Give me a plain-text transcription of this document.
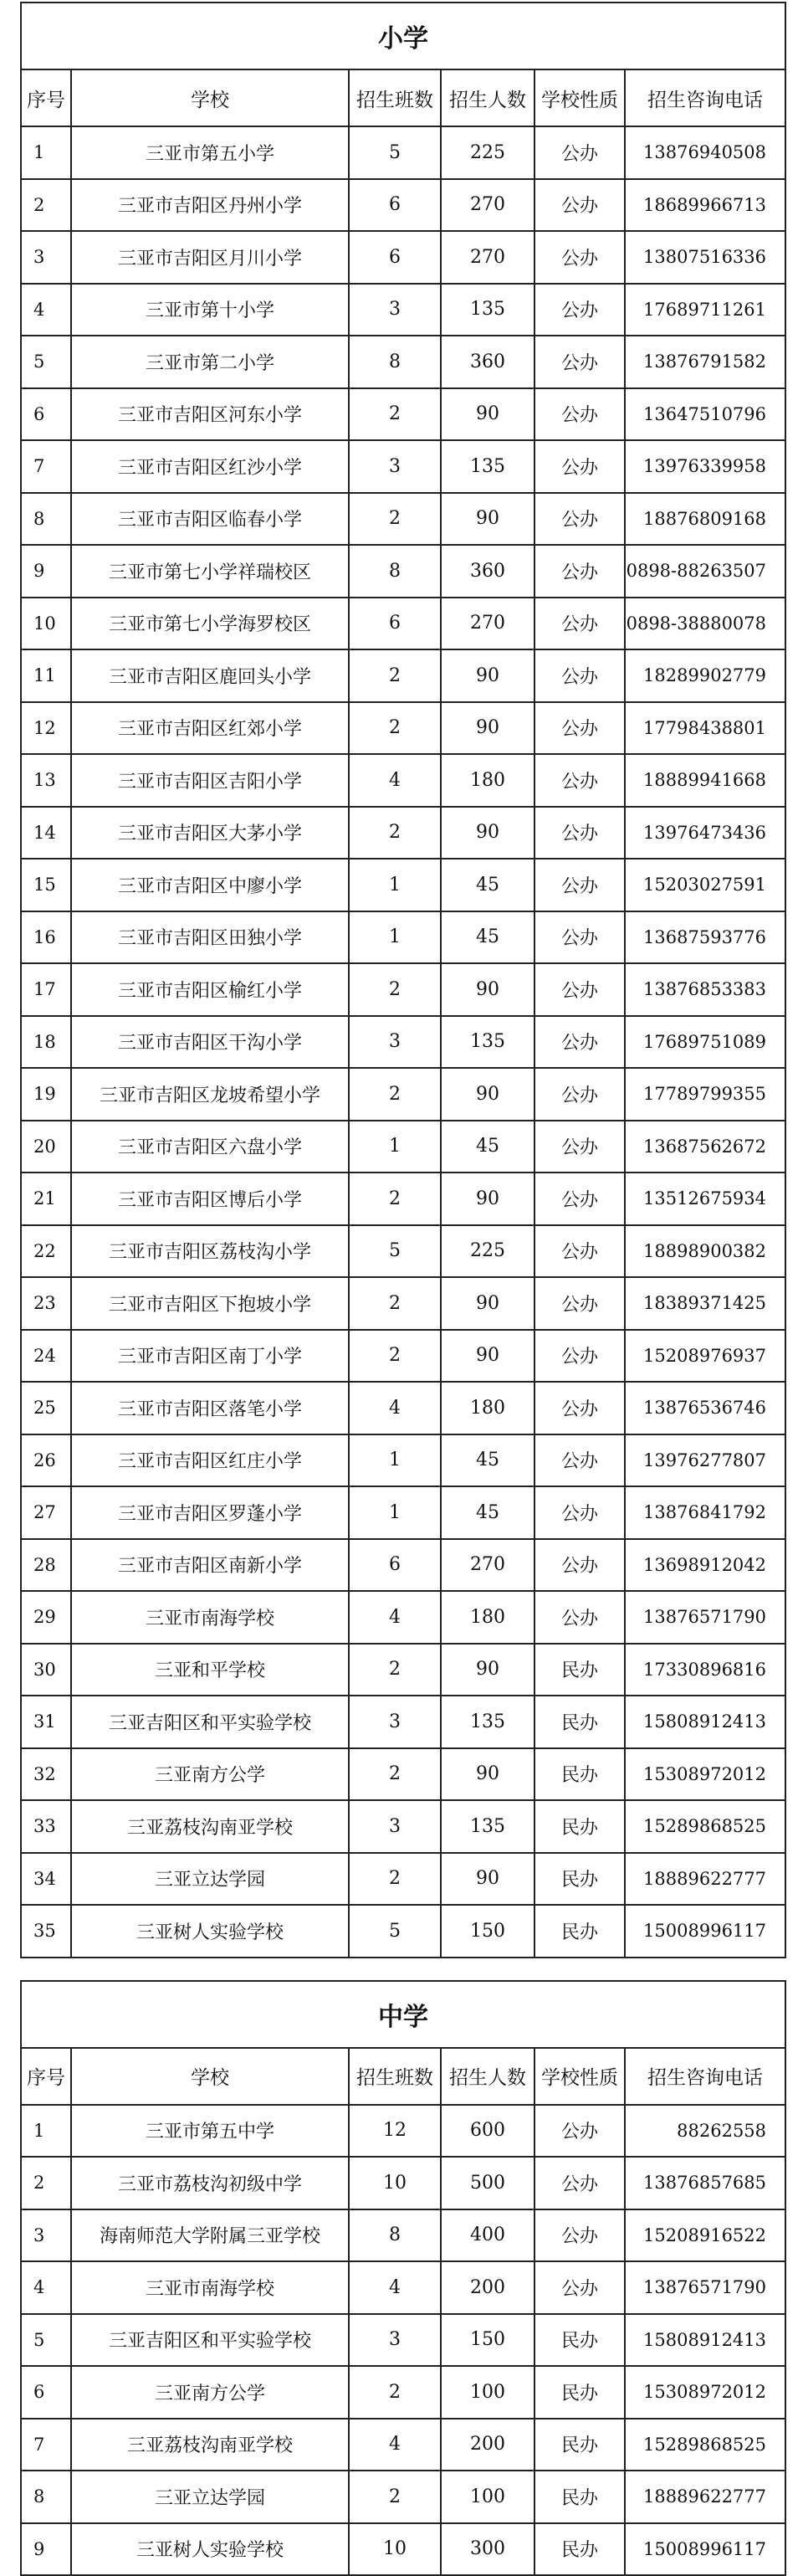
小学					
序号	学校	招生班数	招生人数	学校性质	招生咨询电话
1	三亚市第五小学	5	225	公办	13876940508
2	三亚市吉阳区丹州小学	6	270	公办	18689966713
3	三亚市吉阳区月川小学	6	270	公办	13807516336
4	三亚市第十小学	3	135	公办	17689711261
5	三亚市第二小学	8	360	公办	13876791582
6	三亚市吉阳区河东小学	2	90	公办	13647510796
7	三亚市吉阳区红沙小学	3	135	公办	13976339958
8	三亚市吉阳区临春小学	2	90	公办	18876809168
9	三亚市第七小学祥瑞校区	8	360	公办	0898-88263507
10	三亚市第七小学海罗校区	6	270	公办	0898-38880078
11	三亚市吉阳区鹿回头小学	2	90	公办	18289902779
12	三亚市吉阳区红郊小学	2	90	公办	17798438801
13	三亚市吉阳区吉阳小学	4	180	公办	18889941668
14	三亚市吉阳区大茅小学	2	90	公办	13976473436
15	三亚市吉阳区中廖小学	1	45	公办	15203027591
16	三亚市吉阳区田独小学	1	45	公办	13687593776
17	三亚市吉阳区榆红小学	2	90	公办	13876853383
18	三亚市吉阳区干沟小学	3	135	公办	17689751089
19	三亚市吉阳区龙坡希望小学	2	90	公办	17789799355
20	三亚市吉阳区六盘小学	1	45	公办	13687562672
21	三亚市吉阳区博后小学	2	90	公办	13512675934
22	三亚市吉阳区荔枝沟小学	5	225	公办	18898900382
23	三亚市吉阳区下抱坡小学	2	90	公办	18389371425
24	三亚市吉阳区南丁小学	2	90	公办	15208976937
25	三亚市吉阳区落笔小学	4	180	公办	13876536746
26	三亚市吉阳区红庄小学	1	45	公办	13976277807
27	三亚市吉阳区罗蓬小学	1	45	公办	13876841792
28	三亚市吉阳区南新小学	6	270	公办	13698912042
29	三亚市南海学校	4	180	公办	13876571790
30	三亚和平学校	2	90	民办	17330896816
31	三亚吉阳区和平实验学校	3	135	民办	15808912413
32	三亚南方公学	2	90	民办	15308972012
33	三亚荔枝沟南亚学校	3	135	民办	15289868525
34	三亚立达学园	2	90	民办	18889622777
35	三亚树人实验学校	5	150	民办	15008996117
中学					
序号	学校	招生班数	招生人数	学校性质	招生咨询电话
1	三亚市第五中学	12	600	公办	88262558
2	三亚市荔枝沟初级中学	10	500	公办	13876857685
3	海南师范大学附属三亚学校	8	400	公办	15208916522
4	三亚市南海学校	4	200	公办	13876571790
5	三亚吉阳区和平实验学校	3	150	民办	15808912413
6	三亚南方公学	2	100	民办	15308972012
7	三亚荔枝沟南亚学校	4	200	民办	15289868525
8	三亚立达学园	2	100	民办	18889622777
9	三亚树人实验学校	10	300	民办	15008996117
